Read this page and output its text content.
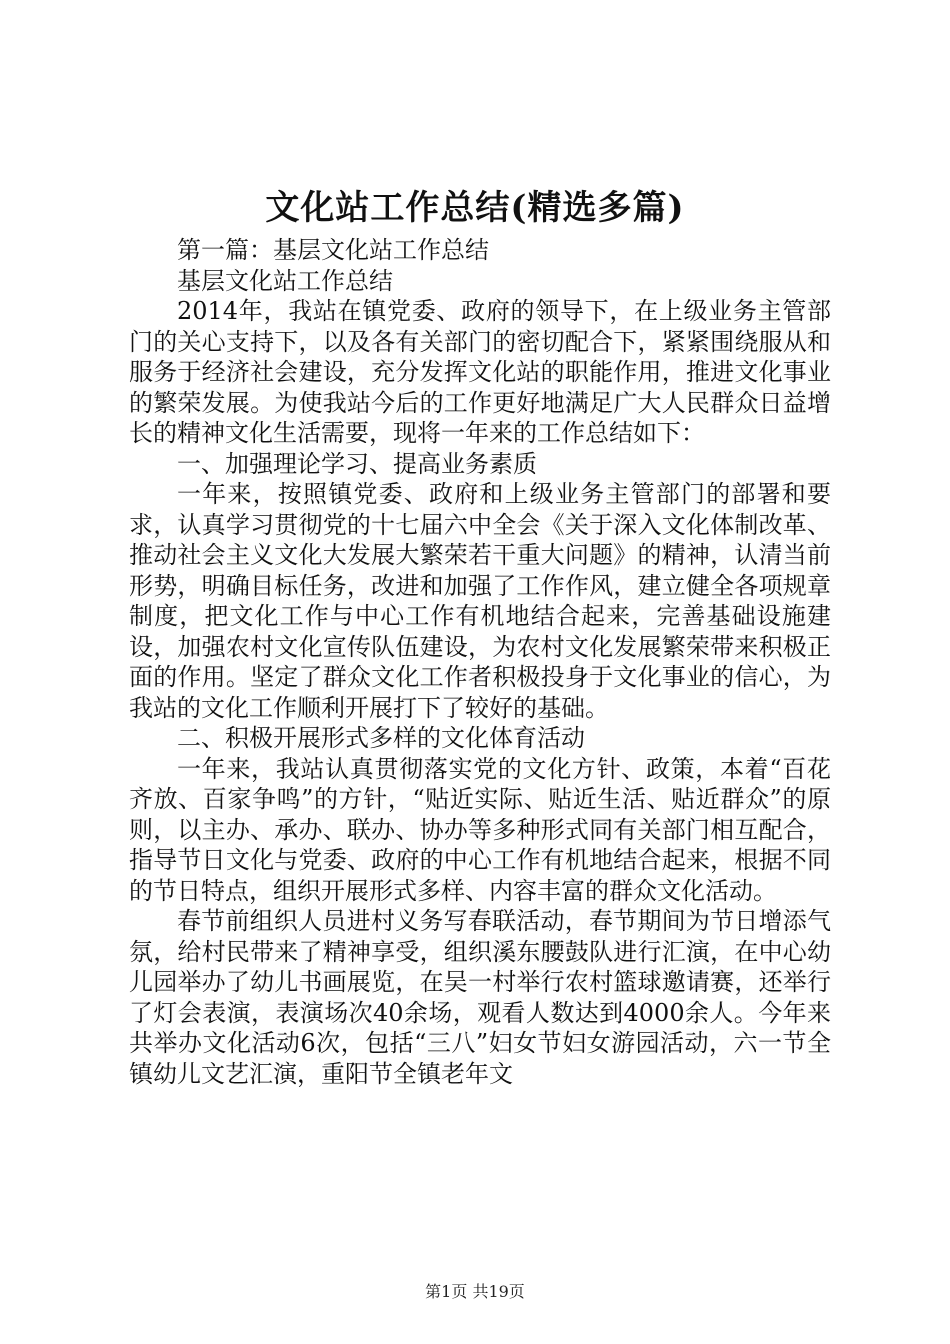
文化站工作总结(精选多篇)

第一篇：基层文化站工作总结

基层文化站工作总结

2014年，我站在镇党委、政府的领导下，在上级业务主管部门的关心支持下，以及各有关部门的密切配合下，紧紧围绕服从和服务于经济社会建设，充分发挥文化站的职能作用，推进文化事业的繁荣发展。为使我站今后的工作更好地满足广大人民群众日益增长的精神文化生活需要，现将一年来的工作总结如下：

一、加强理论学习、提高业务素质

一年来，按照镇党委、政府和上级业务主管部门的部署和要求，认真学习贯彻党的十七届六中全会《关于深入文化体制改革、推动社会主义文化大发展大繁荣若干重大问题》的精神，认清当前形势，明确目标任务，改进和加强了工作作风，建立健全各项规章制度，把文化工作与中心工作有机地结合起来，完善基础设施建设，加强农村文化宣传队伍建设，为农村文化发展繁荣带来积极正面的作用。坚定了群众文化工作者积极投身于文化事业的信心，为我站的文化工作顺利开展打下了较好的基础。

二、积极开展形式多样的文化体育活动

一年来，我站认真贯彻落实党的文化方针、政策，本着“百花齐放、百家争鸣”的方针，“贴近实际、贴近生活、贴近群众”的原则，以主办、承办、联办、协办等多种形式同有关部门相互配合，指导节日文化与党委、政府的中心工作有机地结合起来，根据不同的节日特点，组织开展形式多样、内容丰富的群众文化活动。

春节前组织人员进村义务写春联活动，春节期间为节日增添气氛，给村民带来了精神享受，组织溪东腰鼓队进行汇演，在中心幼儿园举办了幼儿书画展览，在吴一村举行农村篮球邀请赛，还举行了灯会表演，表演场次40余场，观看人数达到4000余人。今年来共举办文化活动6次，包括“三八”妇女节妇女游园活动，六一节全镇幼儿文艺汇演，重阳节全镇老年文

第1页 共19页
